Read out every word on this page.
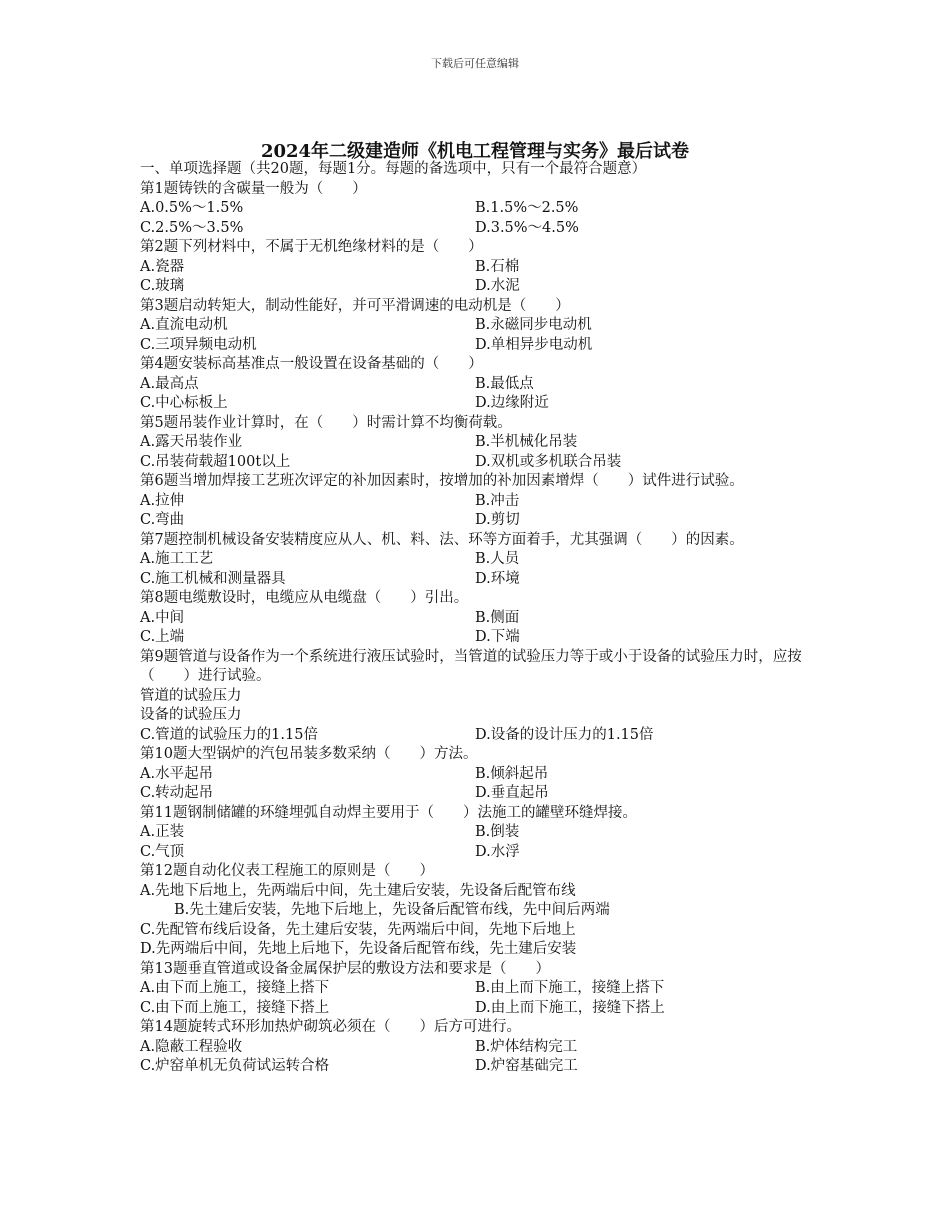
下载后可任意编辑
2024年二级建造师《机电工程管理与实务》最后试卷
一、单项选择题（共20题，每题1分。每题的备选项中，只有一个最符合题意）
第1题铸铁的含碳量一般为（　　）
A.0.5%～1.5%	B.1.5%～2.5%
C.2.5%～3.5%	D.3.5%～4.5%
第2题下列材料中，不属于无机绝缘材料的是（　　）
A.瓷器	B.石棉
C.玻璃	D.水泥
第3题启动转矩大，制动性能好，并可平滑调速的电动机是（　　）
A.直流电动机	B.永磁同步电动机
C.三项异频电动机	D.单相异步电动机
第4题安装标高基准点一般设置在设备基础的（　　）
A.最高点	B.最低点
C.中心标板上	D.边缘附近
第5题吊装作业计算时，在（　　）时需计算不均衡荷载。
A.露天吊装作业	B.半机械化吊装
C.吊装荷载超100t以上	D.双机或多机联合吊装
第6题当增加焊接工艺班次评定的补加因素时，按增加的补加因素增焊（　　）试件进行试验。
A.拉伸	B.冲击
C.弯曲	D.剪切
第7题控制机械设备安装精度应从人、机、料、法、环等方面着手，尤其强调（　　）的因素。
A.施工工艺	B.人员
C.施工机械和测量器具	D.环境
第8题电缆敷设时，电缆应从电缆盘（　　）引出。
A.中间	B.侧面
C.上端	D.下端
第9题管道与设备作为一个系统进行液压试验时，当管道的试验压力等于或小于设备的试验压力时，应按（　　）进行试验。
管道的试验压力
设备的试验压力
C.管道的试验压力的1.15倍	D.设备的设计压力的1.15倍
第10题大型锅炉的汽包吊装多数采纳（　　）方法。
A.水平起吊	B.倾斜起吊
C.转动起吊	D.垂直起吊
第11题钢制储罐的环缝埋弧自动焊主要用于（　　）法施工的罐壁环缝焊接。
A.正装	B.倒装
C.气顶	D.水浮
第12题自动化仪表工程施工的原则是（　　）
A.先地下后地上，先两端后中间，先土建后安装，先设备后配管布线
B.先土建后安装，先地下后地上，先设备后配管布线，先中间后两端
C.先配管布线后设备，先土建后安装，先两端后中间，先地下后地上
D.先两端后中间，先地上后地下，先设备后配管布线，先土建后安装
第13题垂直管道或设备金属保护层的敷设方法和要求是（　　）
A.由下而上施工，接缝上搭下	B.由上而下施工，接缝上搭下
C.由下而上施工，接缝下搭上	D.由上而下施工，接缝下搭上
第14题旋转式环形加热炉砌筑必须在（　　）后方可进行。
A.隐蔽工程验收	B.炉体结构完工
C.炉窑单机无负荷试运转合格	D.炉窑基础完工
